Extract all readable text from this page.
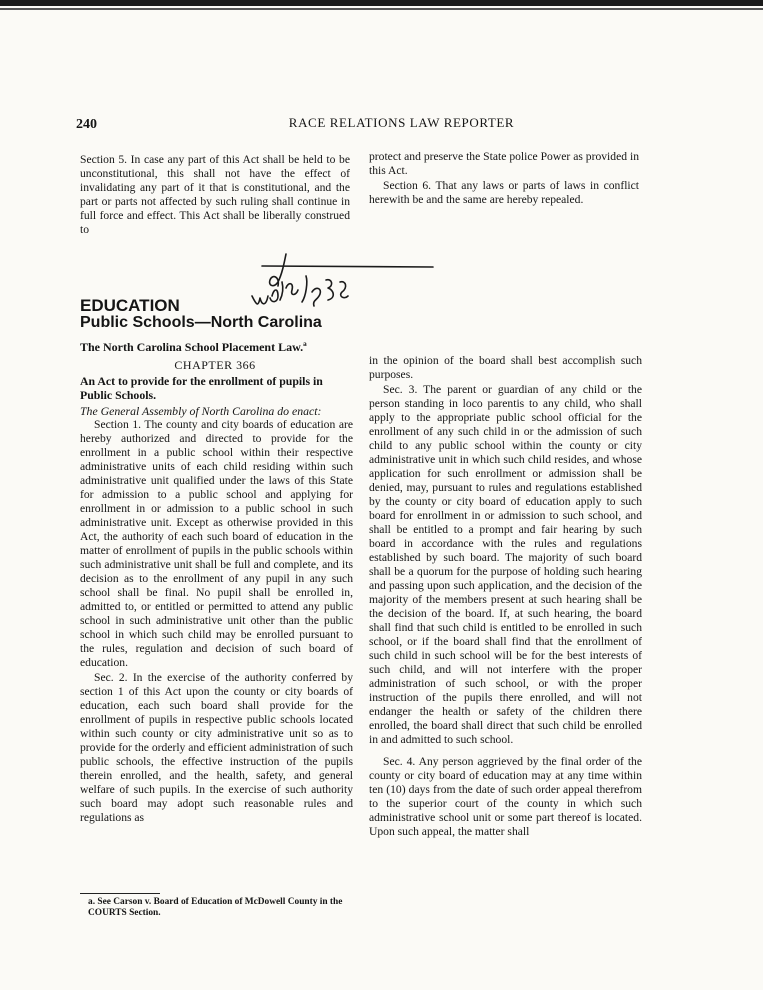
240	RACE RELATIONS LAW REPORTER

Section 5. In case any part of this Act shall be held to be unconstitutional, this shall not have the effect of invalidating any part of it that is constitutional, and the part or parts not affected by such ruling shall continue in full force and effect. This Act shall be liberally construed to

protect and preserve the State police Power as provided in this Act.

Section 6. That any laws or parts of laws in conflict herewith be and the same are hereby repealed.

EDUCATION
Public Schools—North Carolina
The North Carolina School Placement Law.ª
CHAPTER 366
An Act to provide for the enrollment of pupils in Public Schools.
The General Assembly of North Carolina do enact:

Section 1. The county and city boards of education are hereby authorized and directed to provide for the enrollment in a public school within their respective administrative units of each child residing within such administrative unit qualified under the laws of this State for admission to a public school and applying for enrollment in or admission to a public school in such administrative unit. Except as otherwise provided in this Act, the authority of each such board of education in the matter of enrollment of pupils in the public schools within such administrative unit shall be full and complete, and its decision as to the enrollment of any pupil in any such school shall be final. No pupil shall be enrolled in, admitted to, or entitled or permitted to attend any public school in such administrative unit other than the public school in which such child may be enrolled pursuant to the rules, regulation and decision of such board of education.

Sec. 2. In the exercise of the authority conferred by section 1 of this Act upon the county or city boards of education, each such board shall provide for the enrollment of pupils in respective public schools located within such county or city administrative unit so as to provide for the orderly and efficient administration of such public schools, the effective instruction of the pupils therein enrolled, and the health, safety, and general welfare of such pupils. In the exercise of such authority such board may adopt such reasonable rules and regulations as

in the opinion of the board shall best accomplish such purposes.

Sec. 3. The parent or guardian of any child or the person standing in loco parentis to any child, who shall apply to the appropriate public school official for the enrollment of any such child in or the admission of such child to any public school within the county or city administrative unit in which such child resides, and whose application for such enrollment or admission shall be denied, may, pursuant to rules and regulations established by the county or city board of education apply to such board for enrollment in or admission to such school, and shall be entitled to a prompt and fair hearing by such board in accordance with the rules and regulations established by such board. The majority of such board shall be a quorum for the purpose of holding such hearing and passing upon such application, and the decision of the majority of the members present at such hearing shall be the decision of the board. If, at such hearing, the board shall find that such child is entitled to be enrolled in such school, or if the board shall find that the enrollment of such child in such school will be for the best interests of such child, and will not interfere with the proper administration of such school, or with the proper instruction of the pupils there enrolled, and will not endanger the health or safety of the children there enrolled, the board shall direct that such child be enrolled in and admitted to such school.

Sec. 4. Any person aggrieved by the final order of the county or city board of education may at any time within ten (10) days from the date of such order appeal therefrom to the superior court of the county in which such administrative school unit or some part thereof is located. Upon such appeal, the matter shall

a. See Carson v. Board of Education of McDowell County in the COURTS Section.
